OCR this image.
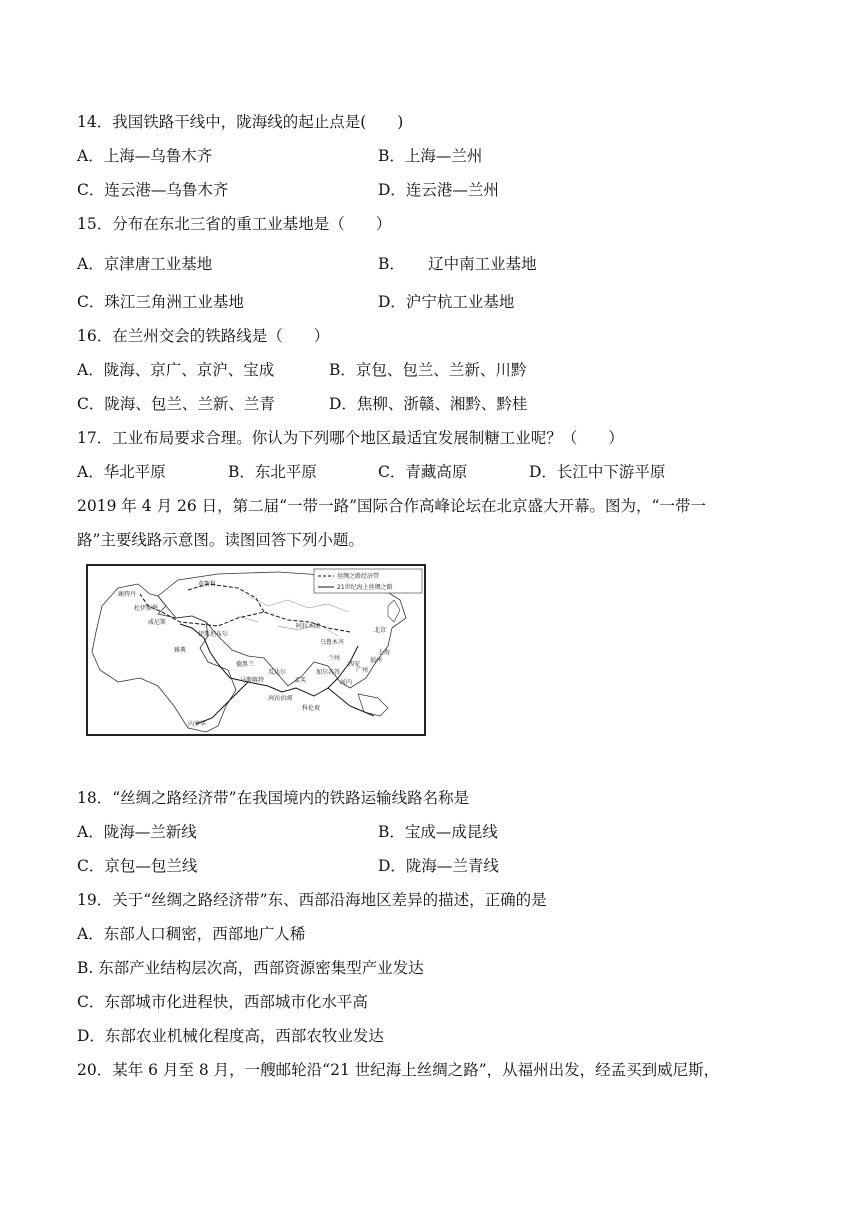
14．我国铁路干线中，陇海线的起止点是(　　)
A．上海—乌鲁木齐	B．上海—兰州
C．连云港—乌鲁木齐	D．连云港—兰州
15．分布在东北三省的重工业基地是（　　）
A．京津唐工业基地	B．　　辽中南工业基地
C．珠江三角洲工业基地	D．沪宁杭工业基地
16．在兰州交会的铁路线是（　　）
A．陇海、京广、京沪、宝成	B．京包、包兰、兰新、川黔
C．陇海、包兰、兰新、兰青	D．焦柳、浙赣、湘黔、黔桂
17．工业布局要求合理。你认为下列哪个地区最适宜发展制糖工业呢？（　　）
A．华北平原	B．东北平原	C．青藏高原	D．长江中下游平原
2019 年 4 月 26 日，第二届“一带一路”国际合作高峰论坛在北京盛大开幕。图为，“一带一
路”主要线路示意图。读图回答下列小题。
丝绸之路经济带
21世纪海上丝绸之路
莫斯科
鹿特丹
杜伊斯堡
威尼斯
伊斯坦布尔
雅典
德黑兰
阿拉木图
乌鲁木齐
兰州
西安
北京
上海
福州
广州
河内
马斯喀特
瓜达尔
孟买
加尔各答
科伦坡
阿拉伯海
内罗毕
18．“丝绸之路经济带”在我国境内的铁路运输线路名称是
A．陇海—兰新线	B．宝成—成昆线
C．京包—包兰线	D．陇海—兰青线
19．关于“丝绸之路经济带”东、西部沿海地区差异的描述，正确的是
A．东部人口稠密，西部地广人稀
B. 东部产业结构层次高，西部资源密集型产业发达
C．东部城市化进程快，西部城市化水平高
D．东部农业机械化程度高，西部农牧业发达
20．某年 6 月至 8 月，一艘邮轮沿“21 世纪海上丝绸之路”，从福州出发，经孟买到威尼斯，
